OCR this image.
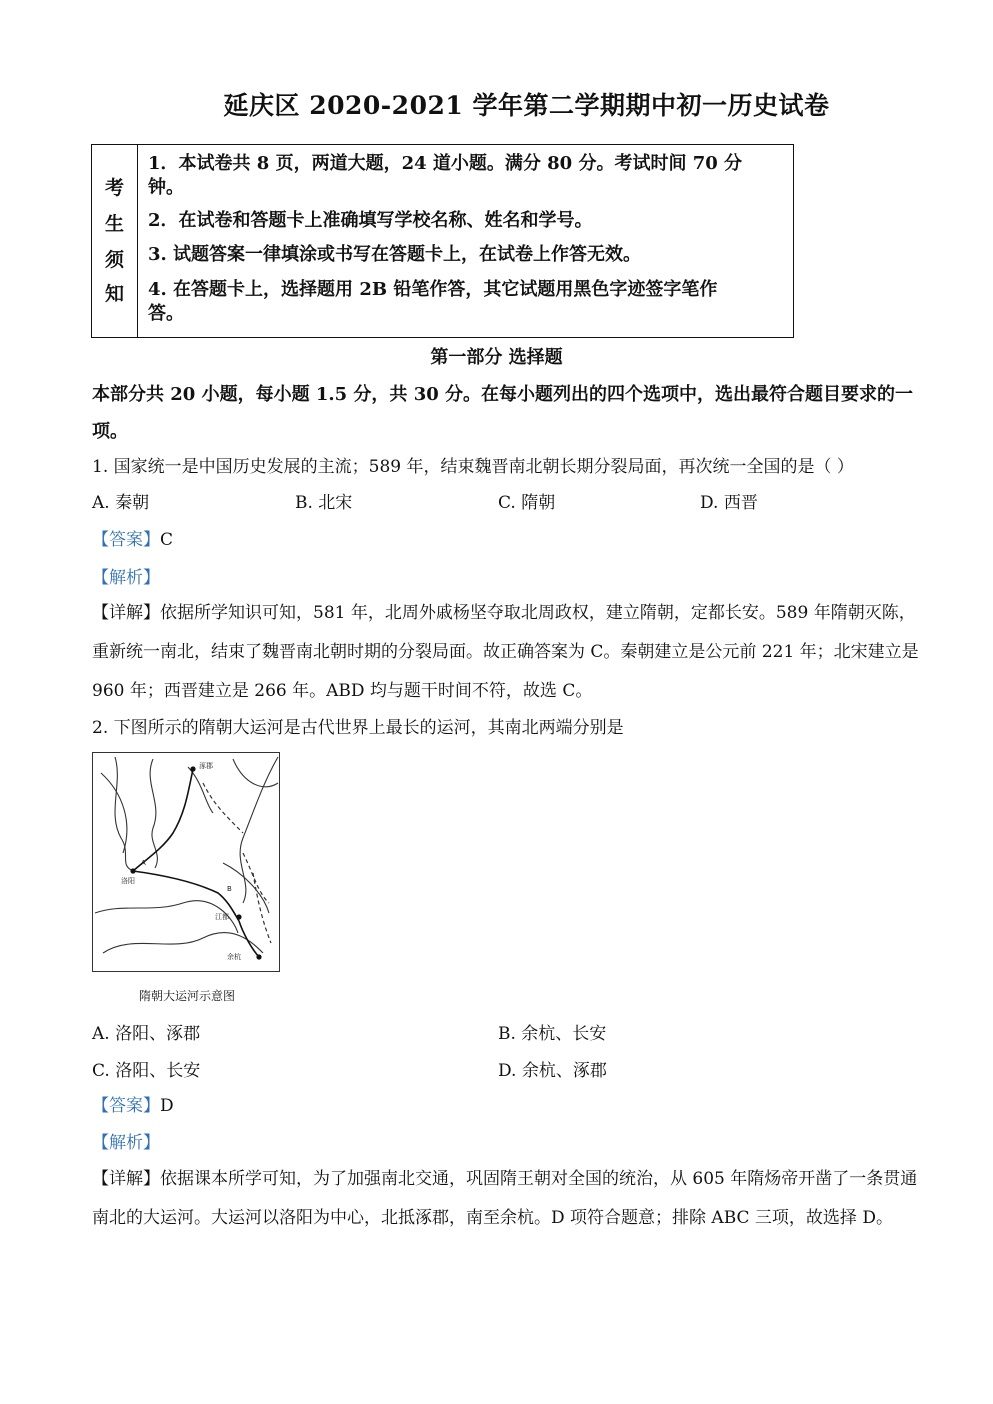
延庆区 2020-2021 学年第二学期期中初一历史试卷
考
生
须
知
1．本试卷共 8 页，两道大题，24 道小题。满分 80 分。考试时间 70 分
钟。
2．在试卷和答题卡上准确填写学校名称、姓名和学号。
3. 试题答案一律填涂或书写在答题卡上，在试卷上作答无效。
4. 在答题卡上，选择题用 2B 铅笔作答，其它试题用黑色字迹签字笔作
答。
第一部分 选择题
本部分共 20 小题，每小题 1.5 分，共 30 分。在每小题列出的四个选项中，选出最符合题目要求的一项。
1. 国家统一是中国历史发展的主流；589 年，结束魏晋南北朝长期分裂局面，再次统一全国的是（ ）
A. 秦朝	B. 北宋	C. 隋朝	D. 西晋
【答案】C
【解析】
【详解】依据所学知识可知，581 年，北周外戚杨坚夺取北周政权，建立隋朝，定都长安。589 年隋朝灭陈，重新统一南北，结束了魏晋南北朝时期的分裂局面。故正确答案为 C。秦朝建立是公元前 221 年；北宋建立是 960 年；西晋建立是 266 年。ABD 均与题干时间不符，故选 C。
2. 下图所示的隋朝大运河是古代世界上最长的运河，其南北两端分别是
涿郡
洛阳
江都
余杭
A
B
隋朝大运河示意图
A. 洛阳、涿郡	B. 余杭、长安
C. 洛阳、长安	D. 余杭、涿郡
【答案】D
【解析】
【详解】依据课本所学可知，为了加强南北交通，巩固隋王朝对全国的统治，从 605 年隋炀帝开凿了一条贯通南北的大运河。大运河以洛阳为中心，北抵涿郡，南至余杭。D 项符合题意；排除 ABC 三项，故选择 D。
